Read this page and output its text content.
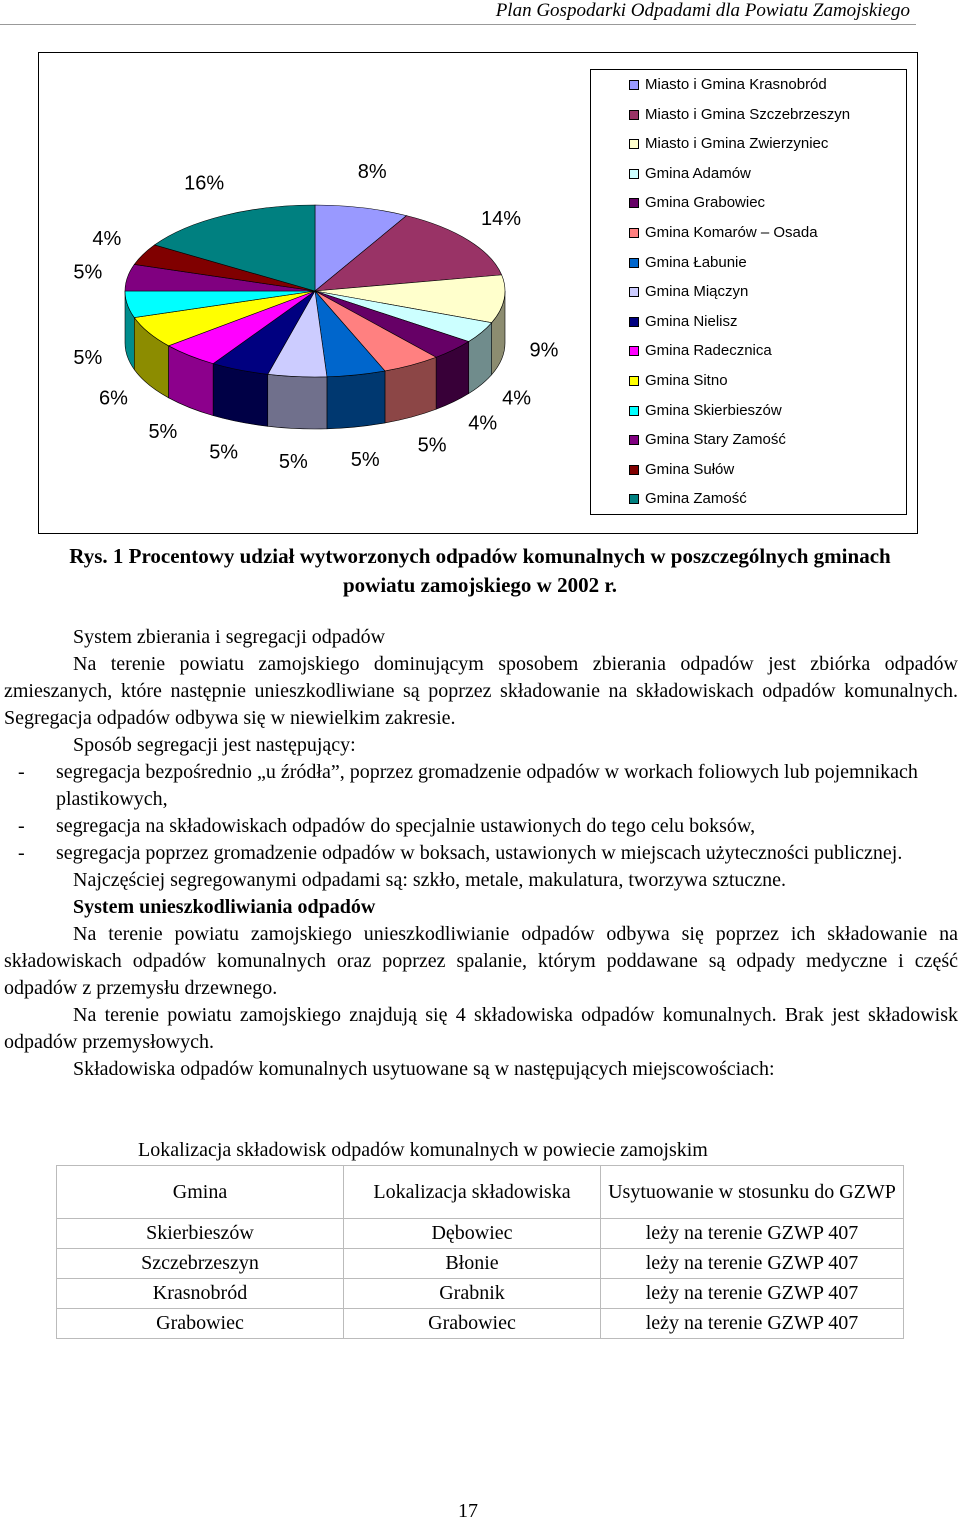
Plan Gospodarki Odpadami dla Powiatu Zamojskiego
8%
14%
9%
4%
4%
5%
5%
5%
5%
5%
6%
5%
5%
4%
16%
Miasto i Gmina Krasnobród
Miasto i Gmina Szczebrzeszyn
Miasto i Gmina Zwierzyniec
Gmina Adamów
Gmina Grabowiec
Gmina Komarów – Osada
Gmina Łabunie
Gmina Miączyn
Gmina Nielisz
Gmina Radecznica
Gmina Sitno
Gmina Skierbieszów
Gmina Stary Zamość
Gmina Sułów
Gmina Zamość
Rys. 1 Procentowy udział wytworzonych odpadów komunalnych w poszczególnych gminach
powiatu zamojskiego w 2002 r.

System zbierania i segregacji odpadów

Na terenie powiatu zamojskiego dominującym sposobem zbierania odpadów jest zbiórka odpadów zmieszanych, które następnie unieszkodliwiane są poprzez składowanie na składowiskach odpadów komunalnych. Segregacja odpadów odbywa się w niewielkim zakresie.

Sposób segregacji jest następujący:

- segregacja bezpośrednio „u źródła”, poprzez gromadzenie odpadów w workach foliowych lub pojemnikach plastikowych,
- segregacja na składowiskach odpadów do specjalnie ustawionych do tego celu boksów,
- segregacja poprzez gromadzenie odpadów w boksach, ustawionych w miejscach użyteczności publicznej.

Najczęściej segregowanymi odpadami są: szkło, metale, makulatura, tworzywa sztuczne.

System unieszkodliwiania odpadów

Na terenie powiatu zamojskiego unieszkodliwianie odpadów odbywa się poprzez ich składowanie na składowiskach odpadów komunalnych oraz poprzez spalanie, którym poddawane są odpady medyczne i część odpadów z przemysłu drzewnego.

Na terenie powiatu zamojskiego znajdują się 4 składowiska odpadów komunalnych. Brak jest składowisk odpadów przemysłowych.

Składowiska odpadów komunalnych usytuowane są w następujących miejscowościach:

Lokalizacja składowisk odpadów komunalnych w powiecie zamojskim
Gmina	Lokalizacja składowiska	Usytuowanie w stosunku do GZWP
Skierbieszów	Dębowiec	leży na terenie GZWP 407
Szczebrzeszyn	Błonie	leży na terenie GZWP 407
Krasnobród	Grabnik	leży na terenie GZWP 407
Grabowiec	Grabowiec	leży na terenie GZWP 407
17
